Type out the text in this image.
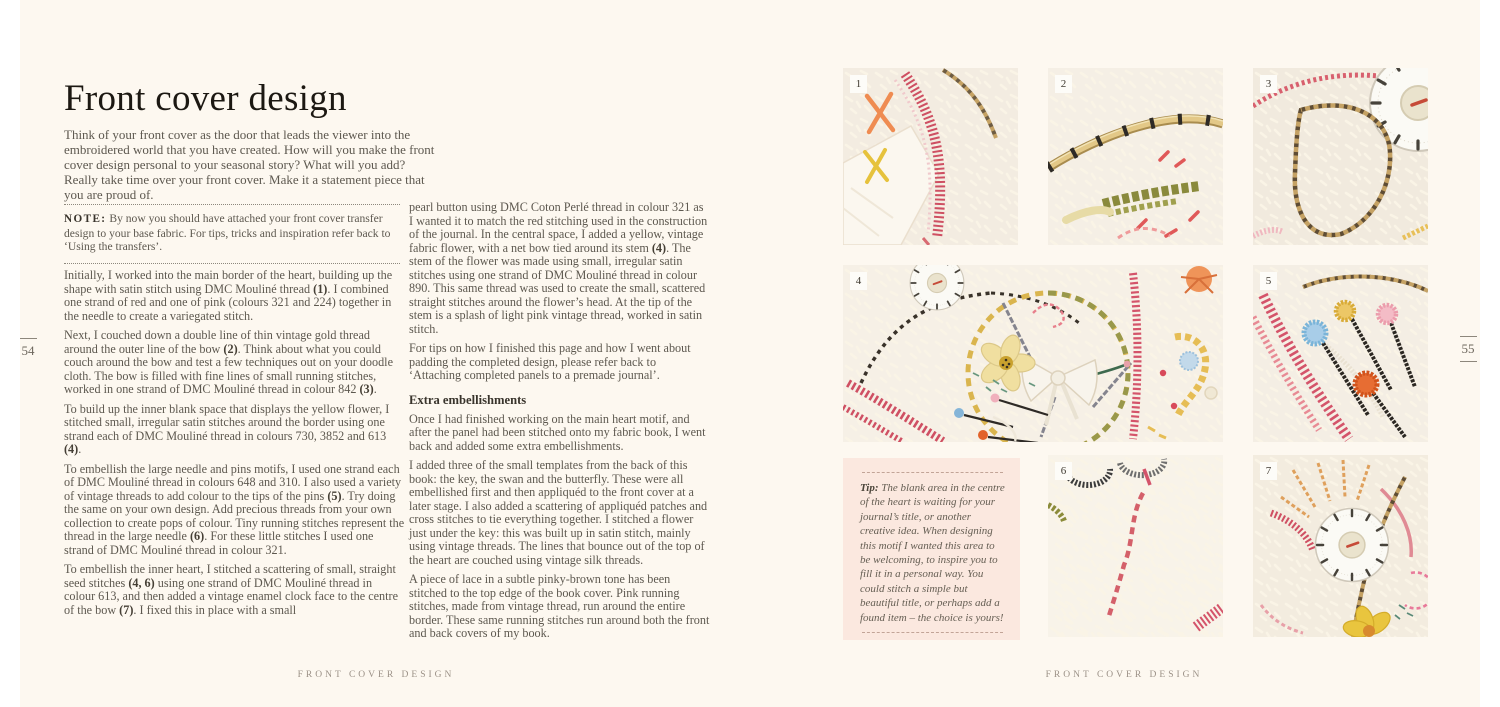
Front cover design

Think of your front cover as the door that leads the viewer into the embroidered world that you have created. How will you make the front cover design personal to your seasonal story? What will you add? Really take time over your front cover. Make it a statement piece that you are proud of.

NOTE: By now you should have attached your front cover transfer design to your base fabric. For tips, tricks and inspiration refer back to ‘Using the transfers’.

Initially, I worked into the main border of the heart, building up the shape with satin stitch using DMC Mouliné thread (1). I combined one strand of red and one of pink (colours 321 and 224) together in the needle to create a variegated stitch.

Next, I couched down a double line of thin vintage gold thread around the outer line of the bow (2). Think about what you could couch around the bow and test a few techniques out on your doodle cloth. The bow is filled with fine lines of small running stitches, worked in one strand of DMC Mouliné thread in colour 842 (3).

To build up the inner blank space that displays the yellow flower, I stitched small, irregular satin stitches around the border using one strand each of DMC Mouliné thread in colours 730, 3852 and 613 (4).

To embellish the large needle and pins motifs, I used one strand each of DMC Mouliné thread in colours 648 and 310. I also used a variety of vintage threads to add colour to the tips of the pins (5). Try doing the same on your own design. Add precious threads from your own collection to create pops of colour. Tiny running stitches represent the thread in the large needle (6). For these little stitches I used one strand of DMC Mouliné thread in colour 321.

To embellish the inner heart, I stitched a scattering of small, straight seed stitches (4, 6) using one strand of DMC Mouliné thread in colour 613, and then added a vintage enamel clock face to the centre of the bow (7). I fixed this in place with a small

pearl button using DMC Coton Perlé thread in colour 321 as I wanted it to match the red stitching used in the construction of the journal. In the central space, I added a yellow, vintage fabric flower, with a net bow tied around its stem (4). The stem of the flower was made using small, irregular satin stitches using one strand of DMC Mouliné thread in colour 890. This same thread was used to create the small, scattered straight stitches around the flower’s head. At the tip of the stem is a splash of light pink vintage thread, worked in satin stitch.

For tips on how I finished this page and how I went about padding the completed design, please refer back to ‘Attaching completed panels to a premade journal’.

Extra embellishments

Once I had finished working on the main heart motif, and after the panel had been stitched onto my fabric book, I went back and added some extra embellishments.

I added three of the small templates from the back of this book: the key, the swan and the butterfly. These were all embellished first and then appliquéd to the front cover at a later stage. I also added a scattering of appliquéd patches and cross stitches to tie everything together. I stitched a flower just under the key: this was built up in satin stitch, mainly using vintage threads. The lines that bounce out of the top of the heart are couched using vintage silk threads.

A piece of lace in a subtle pinky-brown tone has been stitched to the top edge of the book cover. Pink running stitches, made from vintage thread, run around the entire border. These same running stitches run around both the front and back covers of my book.

54
FRONT COVER DESIGN
1	2	3
4	5

Tip: The blank area in the centre of the heart is waiting for your journal’s title, or another creative idea. When designing this motif I wanted this area to be welcoming, to inspire you to fill it in a personal way. You could stitch a simple but beautiful title, or perhaps add a found item – the choice is yours!

6	7
55
FRONT COVER DESIGN
